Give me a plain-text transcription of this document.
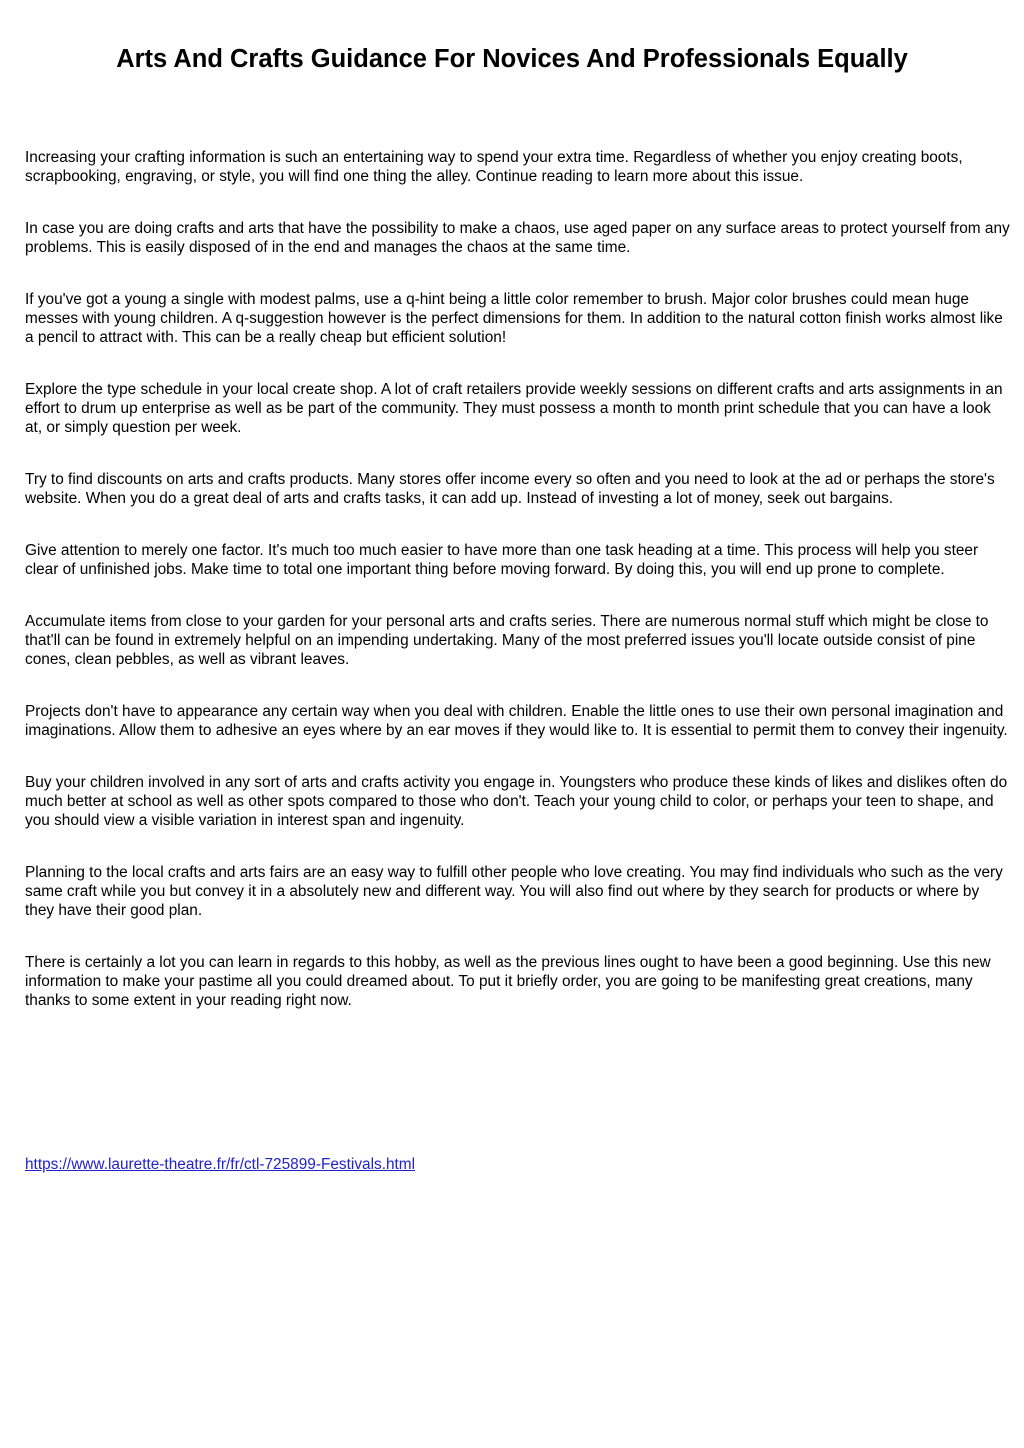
Arts And Crafts Guidance For Novices And Professionals Equally

Increasing your crafting information is such an entertaining way to spend your extra time. Regardless of whether you enjoy creating boots, scrapbooking, engraving, or style, you will find one thing the alley. Continue reading to learn more about this issue.

In case you are doing crafts and arts that have the possibility to make a chaos, use aged paper on any surface areas to protect yourself from any problems. This is easily disposed of in the end and manages the chaos at the same time.

If you've got a young a single with modest palms, use a q-hint being a little color remember to brush. Major color brushes could mean huge messes with young children. A q-suggestion however is the perfect dimensions for them. In addition to the natural cotton finish works almost like a pencil to attract with. This can be a really cheap but efficient solution!

Explore the type schedule in your local create shop. A lot of craft retailers provide weekly sessions on different crafts and arts assignments in an effort to drum up enterprise as well as be part of the community. They must possess a month to month print schedule that you can have a look at, or simply question per week.

Try to find discounts on arts and crafts products. Many stores offer income every so often and you need to look at the ad or perhaps the store's website. When you do a great deal of arts and crafts tasks, it can add up. Instead of investing a lot of money, seek out bargains.

Give attention to merely one factor. It's much too much easier to have more than one task heading at a time. This process will help you steer clear of unfinished jobs. Make time to total one important thing before moving forward. By doing this, you will end up prone to complete.

Accumulate items from close to your garden for your personal arts and crafts series. There are numerous normal stuff which might be close to that'll can be found in extremely helpful on an impending undertaking. Many of the most preferred issues you'll locate outside consist of pine cones, clean pebbles, as well as vibrant leaves.

Projects don't have to appearance any certain way when you deal with children. Enable the little ones to use their own personal imagination and imaginations. Allow them to adhesive an eyes where by an ear moves if they would like to. It is essential to permit them to convey their ingenuity.

Buy your children involved in any sort of arts and crafts activity you engage in. Youngsters who produce these kinds of likes and dislikes often do much better at school as well as other spots compared to those who don't. Teach your young child to color, or perhaps your teen to shape, and you should view a visible variation in interest span and ingenuity.

Planning to the local crafts and arts fairs are an easy way to fulfill other people who love creating. You may find individuals who such as the very same craft while you but convey it in a absolutely new and different way. You will also find out where by they search for products or where by they have their good plan.

There is certainly a lot you can learn in regards to this hobby, as well as the previous lines ought to have been a good beginning. Use this new information to make your pastime all you could dreamed about. To put it briefly order, you are going to be manifesting great creations, many thanks to some extent in your reading right now.

https://www.laurette-theatre.fr/fr/ctl-725899-Festivals.html
